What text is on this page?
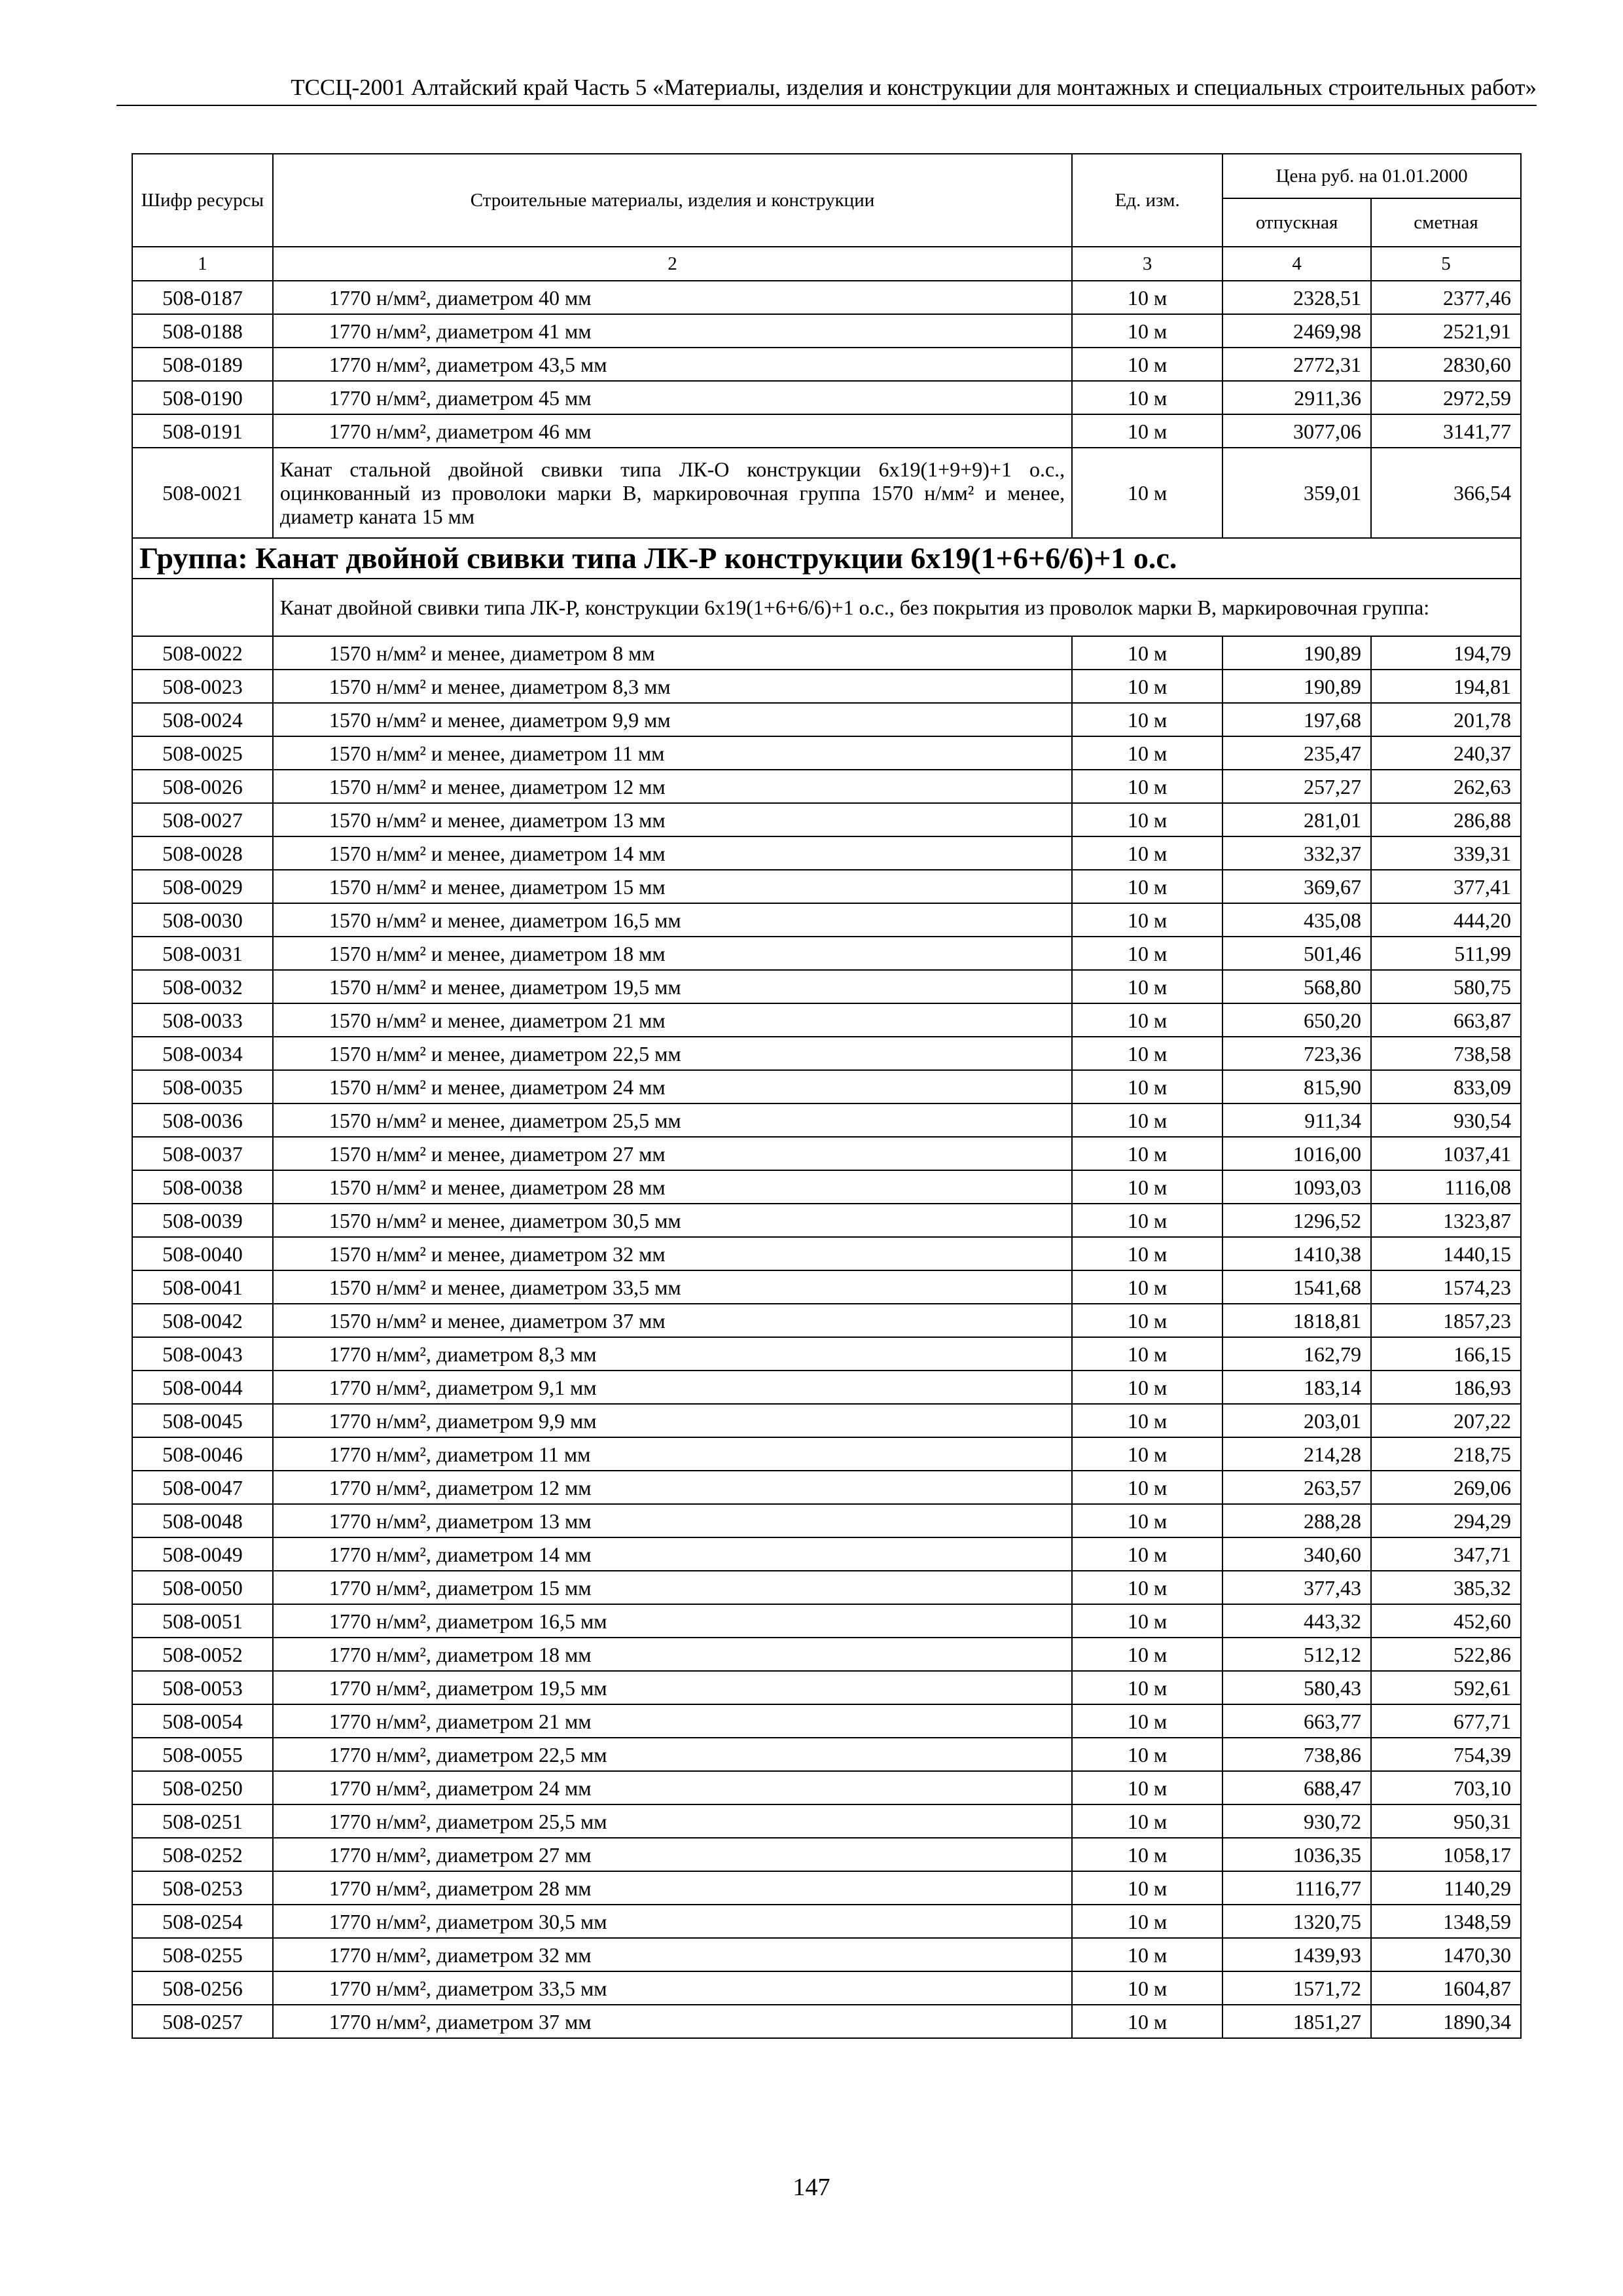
ТССЦ-2001 Алтайский край Часть 5 «Материалы, изделия и конструкции для монтажных и специальных строительных работ»
Шифр ресурсы	Строительные материалы, изделия и конструкции	Ед. изм.	Цена руб. на 01.01.2000	
			отпускная	сметная
1	2	3	4	5
508-0187	1770 н/мм², диаметром 40 мм	10 м	2328,51	2377,46
508-0188	1770 н/мм², диаметром 41 мм	10 м	2469,98	2521,91
508-0189	1770 н/мм², диаметром 43,5 мм	10 м	2772,31	2830,60
508-0190	1770 н/мм², диаметром 45 мм	10 м	2911,36	2972,59
508-0191	1770 н/мм², диаметром 46 мм	10 м	3077,06	3141,77
508-0021	Канат стальной двойной свивки типа ЛК-О конструкции 6х19(1+9+9)+1 о.с., оцинкованный из проволоки марки В, маркировочная группа 1570 н/мм² и менее, диаметр каната 15 мм	10 м	359,01	366,54
Группа: Канат двойной свивки типа ЛК-Р конструкции 6х19(1+6+6/6)+1 о.с.				
	Канат двойной свивки типа ЛК-Р, конструкции 6х19(1+6+6/6)+1 о.с., без покрытия из проволок марки В, маркировочная группа:			
508-0022	1570 н/мм² и менее, диаметром 8 мм	10 м	190,89	194,79
508-0023	1570 н/мм² и менее, диаметром 8,3 мм	10 м	190,89	194,81
508-0024	1570 н/мм² и менее, диаметром 9,9 мм	10 м	197,68	201,78
508-0025	1570 н/мм² и менее, диаметром 11 мм	10 м	235,47	240,37
508-0026	1570 н/мм² и менее, диаметром 12 мм	10 м	257,27	262,63
508-0027	1570 н/мм² и менее, диаметром 13 мм	10 м	281,01	286,88
508-0028	1570 н/мм² и менее, диаметром 14 мм	10 м	332,37	339,31
508-0029	1570 н/мм² и менее, диаметром 15 мм	10 м	369,67	377,41
508-0030	1570 н/мм² и менее, диаметром 16,5 мм	10 м	435,08	444,20
508-0031	1570 н/мм² и менее, диаметром 18 мм	10 м	501,46	511,99
508-0032	1570 н/мм² и менее, диаметром 19,5 мм	10 м	568,80	580,75
508-0033	1570 н/мм² и менее, диаметром 21 мм	10 м	650,20	663,87
508-0034	1570 н/мм² и менее, диаметром 22,5 мм	10 м	723,36	738,58
508-0035	1570 н/мм² и менее, диаметром 24 мм	10 м	815,90	833,09
508-0036	1570 н/мм² и менее, диаметром 25,5 мм	10 м	911,34	930,54
508-0037	1570 н/мм² и менее, диаметром 27 мм	10 м	1016,00	1037,41
508-0038	1570 н/мм² и менее, диаметром 28 мм	10 м	1093,03	1116,08
508-0039	1570 н/мм² и менее, диаметром 30,5 мм	10 м	1296,52	1323,87
508-0040	1570 н/мм² и менее, диаметром 32 мм	10 м	1410,38	1440,15
508-0041	1570 н/мм² и менее, диаметром 33,5 мм	10 м	1541,68	1574,23
508-0042	1570 н/мм² и менее, диаметром 37 мм	10 м	1818,81	1857,23
508-0043	1770 н/мм², диаметром 8,3 мм	10 м	162,79	166,15
508-0044	1770 н/мм², диаметром 9,1 мм	10 м	183,14	186,93
508-0045	1770 н/мм², диаметром 9,9 мм	10 м	203,01	207,22
508-0046	1770 н/мм², диаметром 11 мм	10 м	214,28	218,75
508-0047	1770 н/мм², диаметром 12 мм	10 м	263,57	269,06
508-0048	1770 н/мм², диаметром 13 мм	10 м	288,28	294,29
508-0049	1770 н/мм², диаметром 14 мм	10 м	340,60	347,71
508-0050	1770 н/мм², диаметром 15 мм	10 м	377,43	385,32
508-0051	1770 н/мм², диаметром 16,5 мм	10 м	443,32	452,60
508-0052	1770 н/мм², диаметром 18 мм	10 м	512,12	522,86
508-0053	1770 н/мм², диаметром 19,5 мм	10 м	580,43	592,61
508-0054	1770 н/мм², диаметром 21 мм	10 м	663,77	677,71
508-0055	1770 н/мм², диаметром 22,5 мм	10 м	738,86	754,39
508-0250	1770 н/мм², диаметром 24 мм	10 м	688,47	703,10
508-0251	1770 н/мм², диаметром 25,5 мм	10 м	930,72	950,31
508-0252	1770 н/мм², диаметром 27 мм	10 м	1036,35	1058,17
508-0253	1770 н/мм², диаметром 28 мм	10 м	1116,77	1140,29
508-0254	1770 н/мм², диаметром 30,5 мм	10 м	1320,75	1348,59
508-0255	1770 н/мм², диаметром 32 мм	10 м	1439,93	1470,30
508-0256	1770 н/мм², диаметром 33,5 мм	10 м	1571,72	1604,87
508-0257	1770 н/мм², диаметром 37 мм	10 м	1851,27	1890,34
147
